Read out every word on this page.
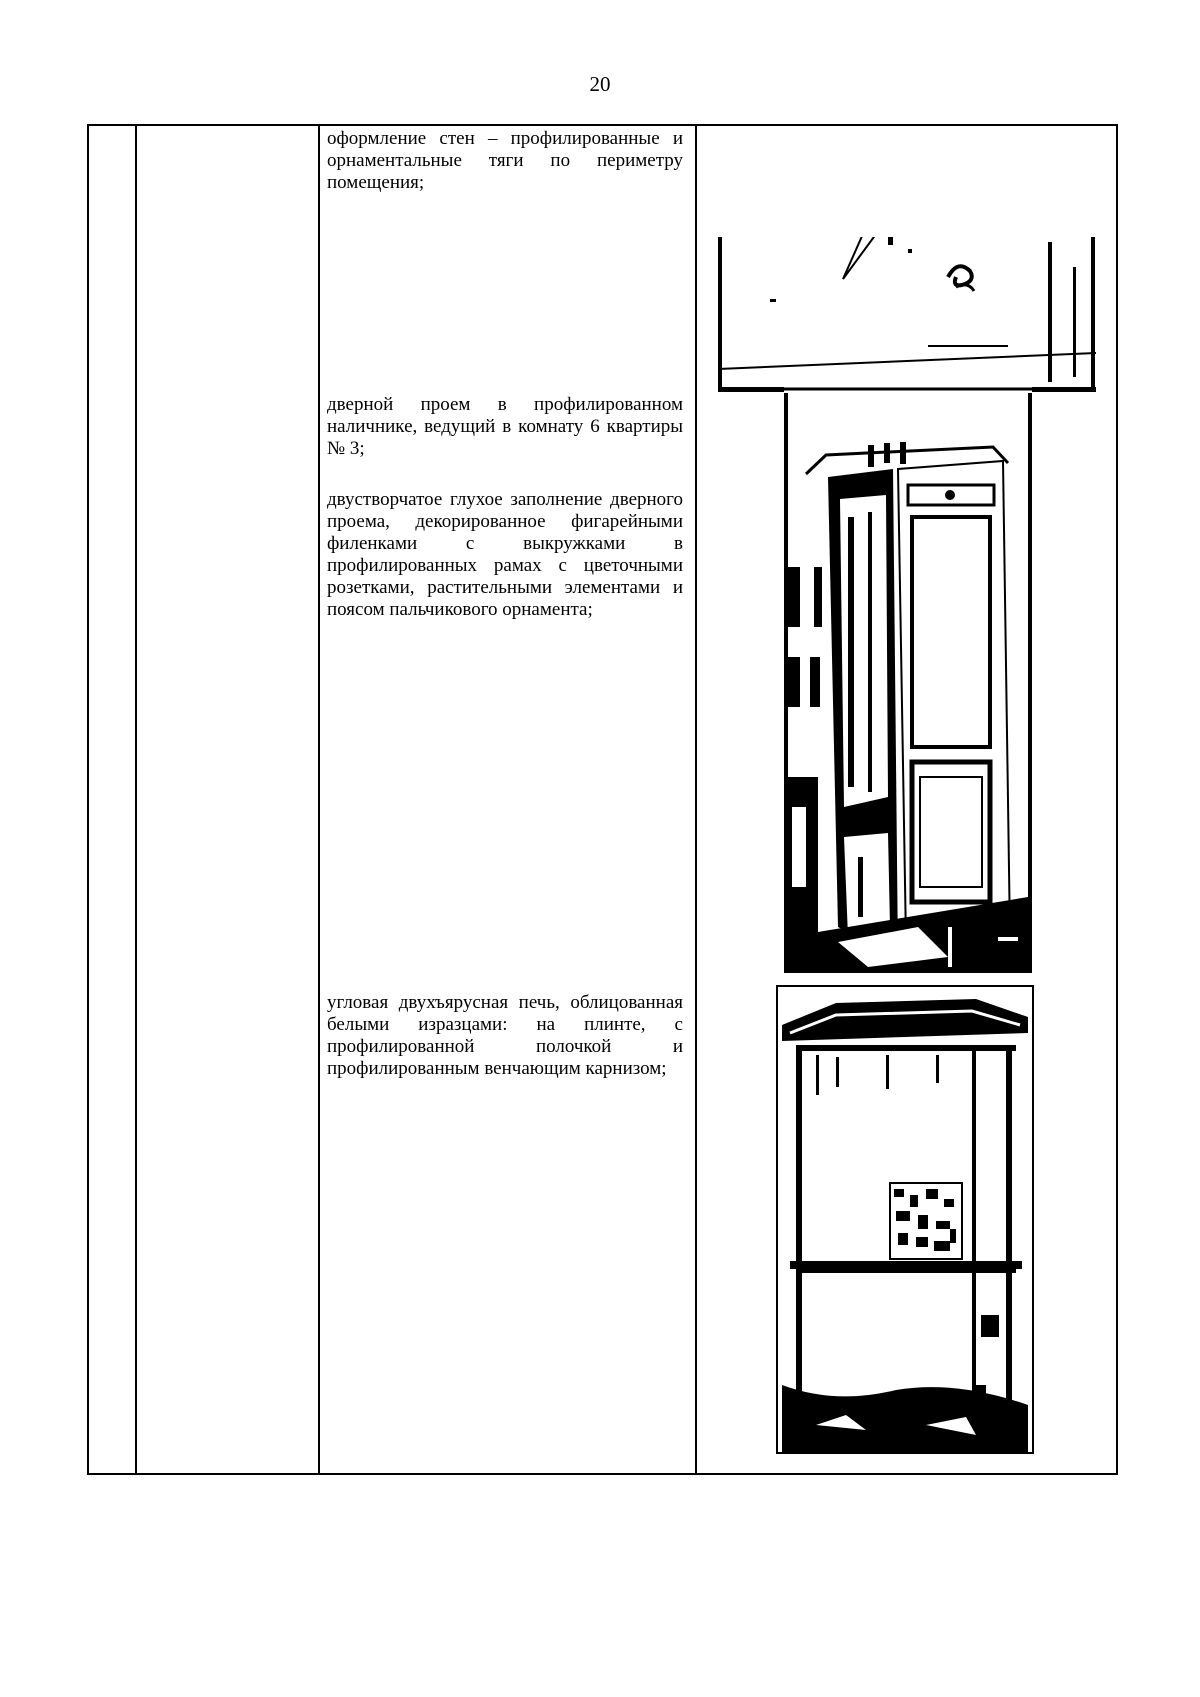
20
оформление стен – профилированные и орнаментальные тяги по периметру помещения;
дверной проем в профилированном наличнике, ведущий в комнату 6 квартиры № 3;
двустворчатое глухое заполнение дверного проема, декорированное фигарейными филенками с выкружками в профилированных рамах с цветочными розетками, растительными элементами и поясом пальчикового орнамента;
угловая двухъярусная печь, облицованная белыми изразцами: на плинте, с профилированной полочкой и профилированным венчающим карнизом;
